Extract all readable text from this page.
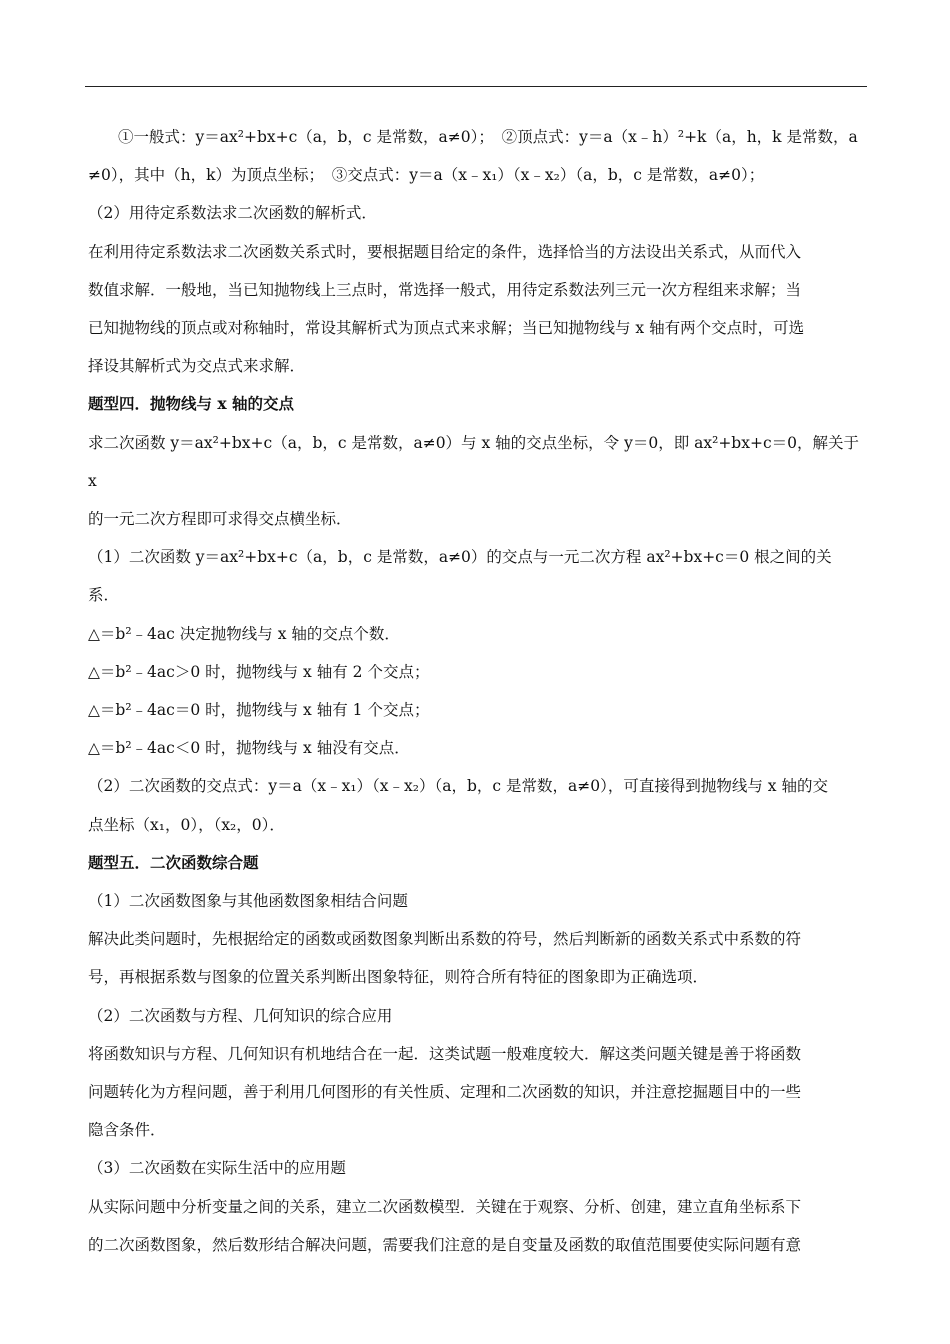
①一般式：y＝ax²+bx+c（a，b，c 是常数，a≠0）；　②顶点式：y＝a（x﹣h）²+k（a，h，k 是常数，a

≠0），其中（h，k）为顶点坐标；　③交点式：y＝a（x﹣x₁）（x﹣x₂）（a，b，c 是常数，a≠0）；

（2）用待定系数法求二次函数的解析式．

在利用待定系数法求二次函数关系式时，要根据题目给定的条件，选择恰当的方法设出关系式，从而代入

数值求解．一般地，当已知抛物线上三点时，常选择一般式，用待定系数法列三元一次方程组来求解；当

已知抛物线的顶点或对称轴时，常设其解析式为顶点式来求解；当已知抛物线与 x 轴有两个交点时，可选

择设其解析式为交点式来求解．

题型四．抛物线与 x 轴的交点

求二次函数 y＝ax²+bx+c（a，b，c 是常数，a≠0）与 x 轴的交点坐标，令 y＝0，即 ax²+bx+c＝0，解关于 x

的一元二次方程即可求得交点横坐标．

（1）二次函数 y＝ax²+bx+c（a，b，c 是常数，a≠0）的交点与一元二次方程 ax²+bx+c＝0 根之间的关

系．

△＝b²﹣4ac 决定抛物线与 x 轴的交点个数．

△＝b²﹣4ac＞0 时，抛物线与 x 轴有 2 个交点；

△＝b²﹣4ac＝0 时，抛物线与 x 轴有 1 个交点；

△＝b²﹣4ac＜0 时，抛物线与 x 轴没有交点．

（2）二次函数的交点式：y＝a（x﹣x₁）（x﹣x₂）（a，b，c 是常数，a≠0），可直接得到抛物线与 x 轴的交

点坐标（x₁，0），（x₂，0）．

题型五．二次函数综合题

（1）二次函数图象与其他函数图象相结合问题

解决此类问题时，先根据给定的函数或函数图象判断出系数的符号，然后判断新的函数关系式中系数的符

号，再根据系数与图象的位置关系判断出图象特征，则符合所有特征的图象即为正确选项．

（2）二次函数与方程、几何知识的综合应用

将函数知识与方程、几何知识有机地结合在一起．这类试题一般难度较大．解这类问题关键是善于将函数

问题转化为方程问题，善于利用几何图形的有关性质、定理和二次函数的知识，并注意挖掘题目中的一些

隐含条件．

（3）二次函数在实际生活中的应用题

从实际问题中分析变量之间的关系，建立二次函数模型．关键在于观察、分析、创建，建立直角坐标系下

的二次函数图象，然后数形结合解决问题，需要我们注意的是自变量及函数的取值范围要使实际问题有意
